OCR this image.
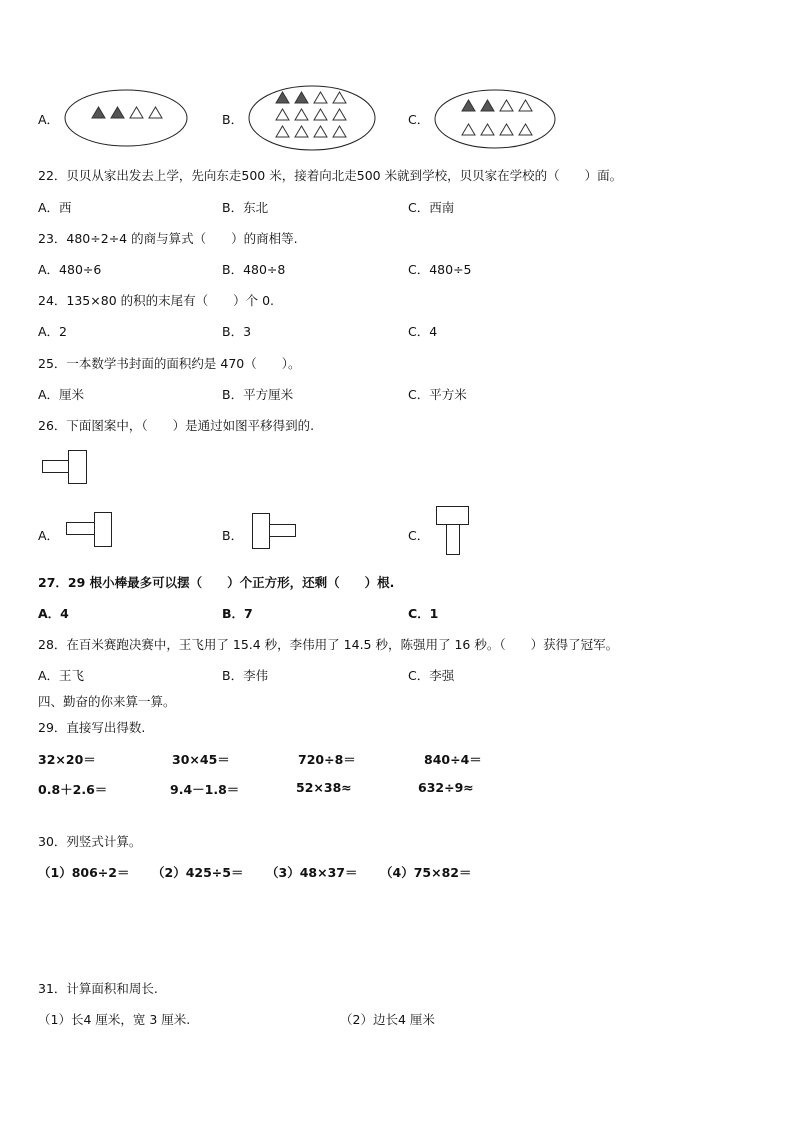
A．	B．	C．
22．贝贝从家出发去上学，先向东走500 米，接着向北走500 米就到学校，贝贝家在学校的（　　）面。
A．西	B．东北	C．西南
23．480÷2÷4 的商与算式（　　）的商相等.
A．480÷6	B．480÷8	C．480÷5
24．135×80 的积的末尾有（　　）个 0.
A．2	B．3	C．4
25．一本数学书封面的面积约是 470（　　）。
A．厘米	B．平方厘米	C．平方米
26．下面图案中，（　　）是通过如图平移得到的.
A．	B．	C．
27．29 根小棒最多可以摆（　　）个正方形，还剩（　　）根.
A．4	B．7	C．1
28．在百米赛跑决赛中，王飞用了 15.4 秒，李伟用了 14.5 秒，陈强用了 16 秒。（　　）获得了冠军。
A．王飞	B．李伟	C．李强
四、勤奋的你来算一算。
29．直接写出得数.
32×20＝	30×45＝	720÷8＝	840÷4＝
0.8＋2.6＝	9.4－1.8＝	52×38≈	632÷9≈
30．列竖式计算。
（1）806÷2＝ （2）425÷5＝ （3）48×37＝ （4）75×82＝
31．计算面积和周长.
（1）长4 厘米，宽 3 厘米.	（2）边长4 厘米
